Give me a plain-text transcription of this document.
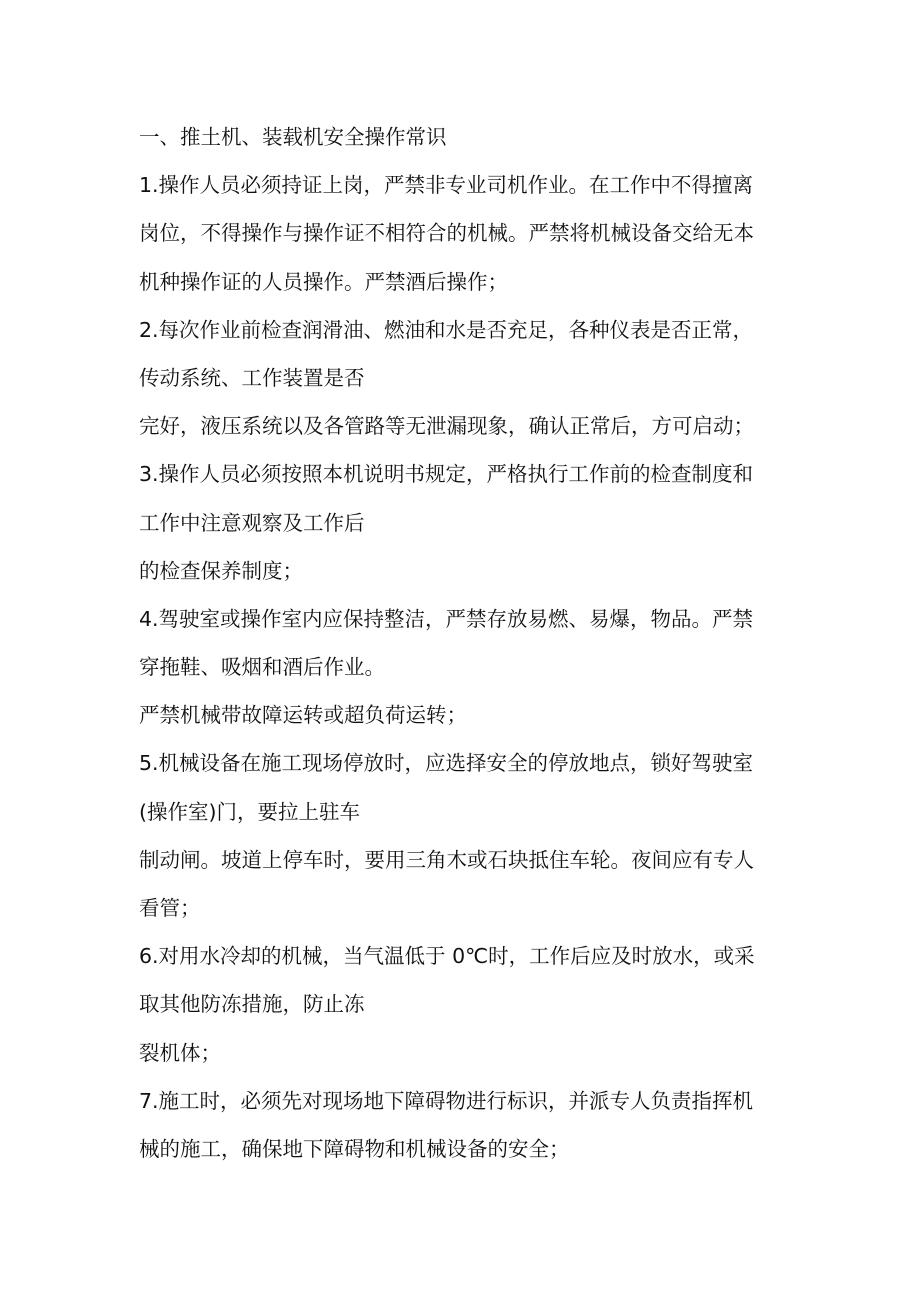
一、推土机、装载机安全操作常识
1.操作人员必须持证上岗，严禁非专业司机作业。在工作中不得擅离
岗位，不得操作与操作证不相符合的机械。严禁将机械设备交给无本
机种操作证的人员操作。严禁酒后操作；
2.每次作业前检查润滑油、燃油和水是否充足，各种仪表是否正常，
传动系统、工作装置是否
完好，液压系统以及各管路等无泄漏现象，确认正常后，方可启动；
3.操作人员必须按照本机说明书规定，严格执行工作前的检查制度和
工作中注意观察及工作后
的检查保养制度；
4.驾驶室或操作室内应保持整洁，严禁存放易燃、易爆，物品。严禁
穿拖鞋、吸烟和酒后作业。
严禁机械带故障运转或超负荷运转；
5.机械设备在施工现场停放时，应选择安全的停放地点，锁好驾驶室
(操作室)门，要拉上驻车
制动闸。坡道上停车时，要用三角木或石块抵住车轮。夜间应有专人
看管；
6.对用水冷却的机械，当气温低于 0℃时，工作后应及时放水，或采
取其他防冻措施，防止冻
裂机体；
7.施工时，必须先对现场地下障碍物进行标识，并派专人负责指挥机
械的施工，确保地下障碍物和机械设备的安全；
